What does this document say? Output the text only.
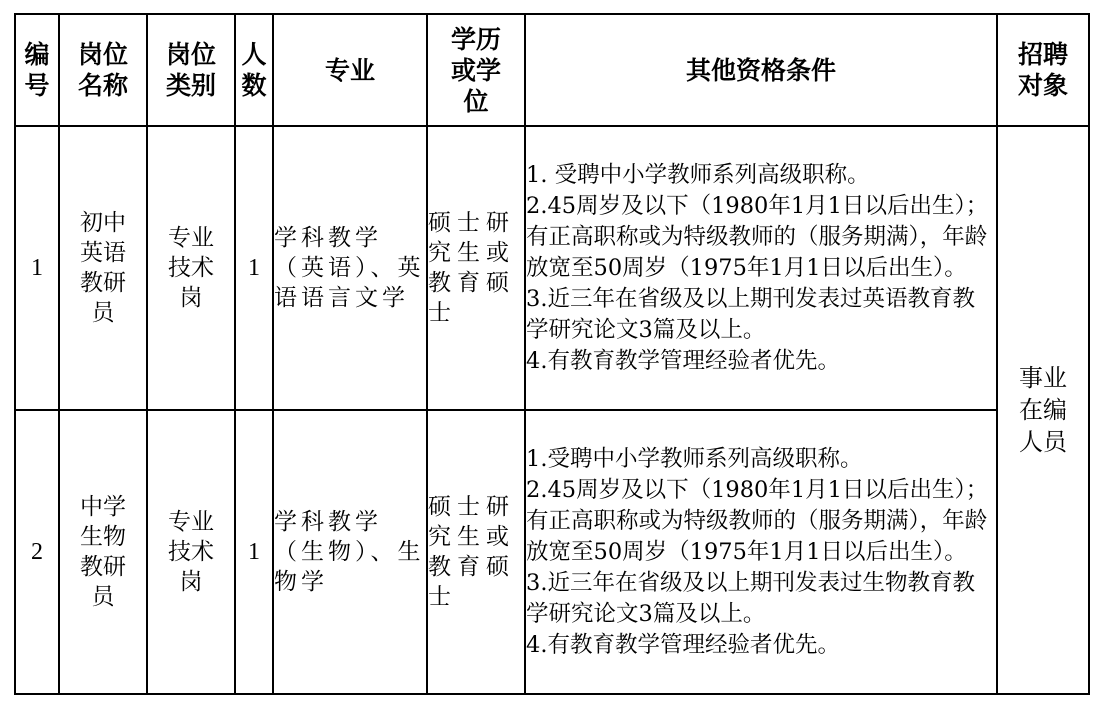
编号	岗位名称	岗位类别	人数	专业	学历或学位	其他资格条件	招聘对象
1	初中英语教研员	专业技术岗	1	学科教学（英语）、英语语言文学	硕士研究生或教育硕士	1. 受聘中小学教师系列高级职称。
2.45周岁及以下（1980年1月1日以后出生）；有正高职称或为特级教师的（服务期满），年龄放宽至50周岁（1975年1月1日以后出生）。
3.近三年在省级及以上期刊发表过英语教育教学研究论文3篇及以上。
4.有教育教学管理经验者优先。	事业在编人员
2	中学生物教研员	专业技术岗	1	学科教学（生物）、生物学	硕士研究生或教育硕士	1.受聘中小学教师系列高级职称。
2.45周岁及以下（1980年1月1日以后出生）；有正高职称或为特级教师的（服务期满），年龄放宽至50周岁（1975年1月1日以后出生）。
3.近三年在省级及以上期刊发表过生物教育教学研究论文3篇及以上。
4.有教育教学管理经验者优先。	
